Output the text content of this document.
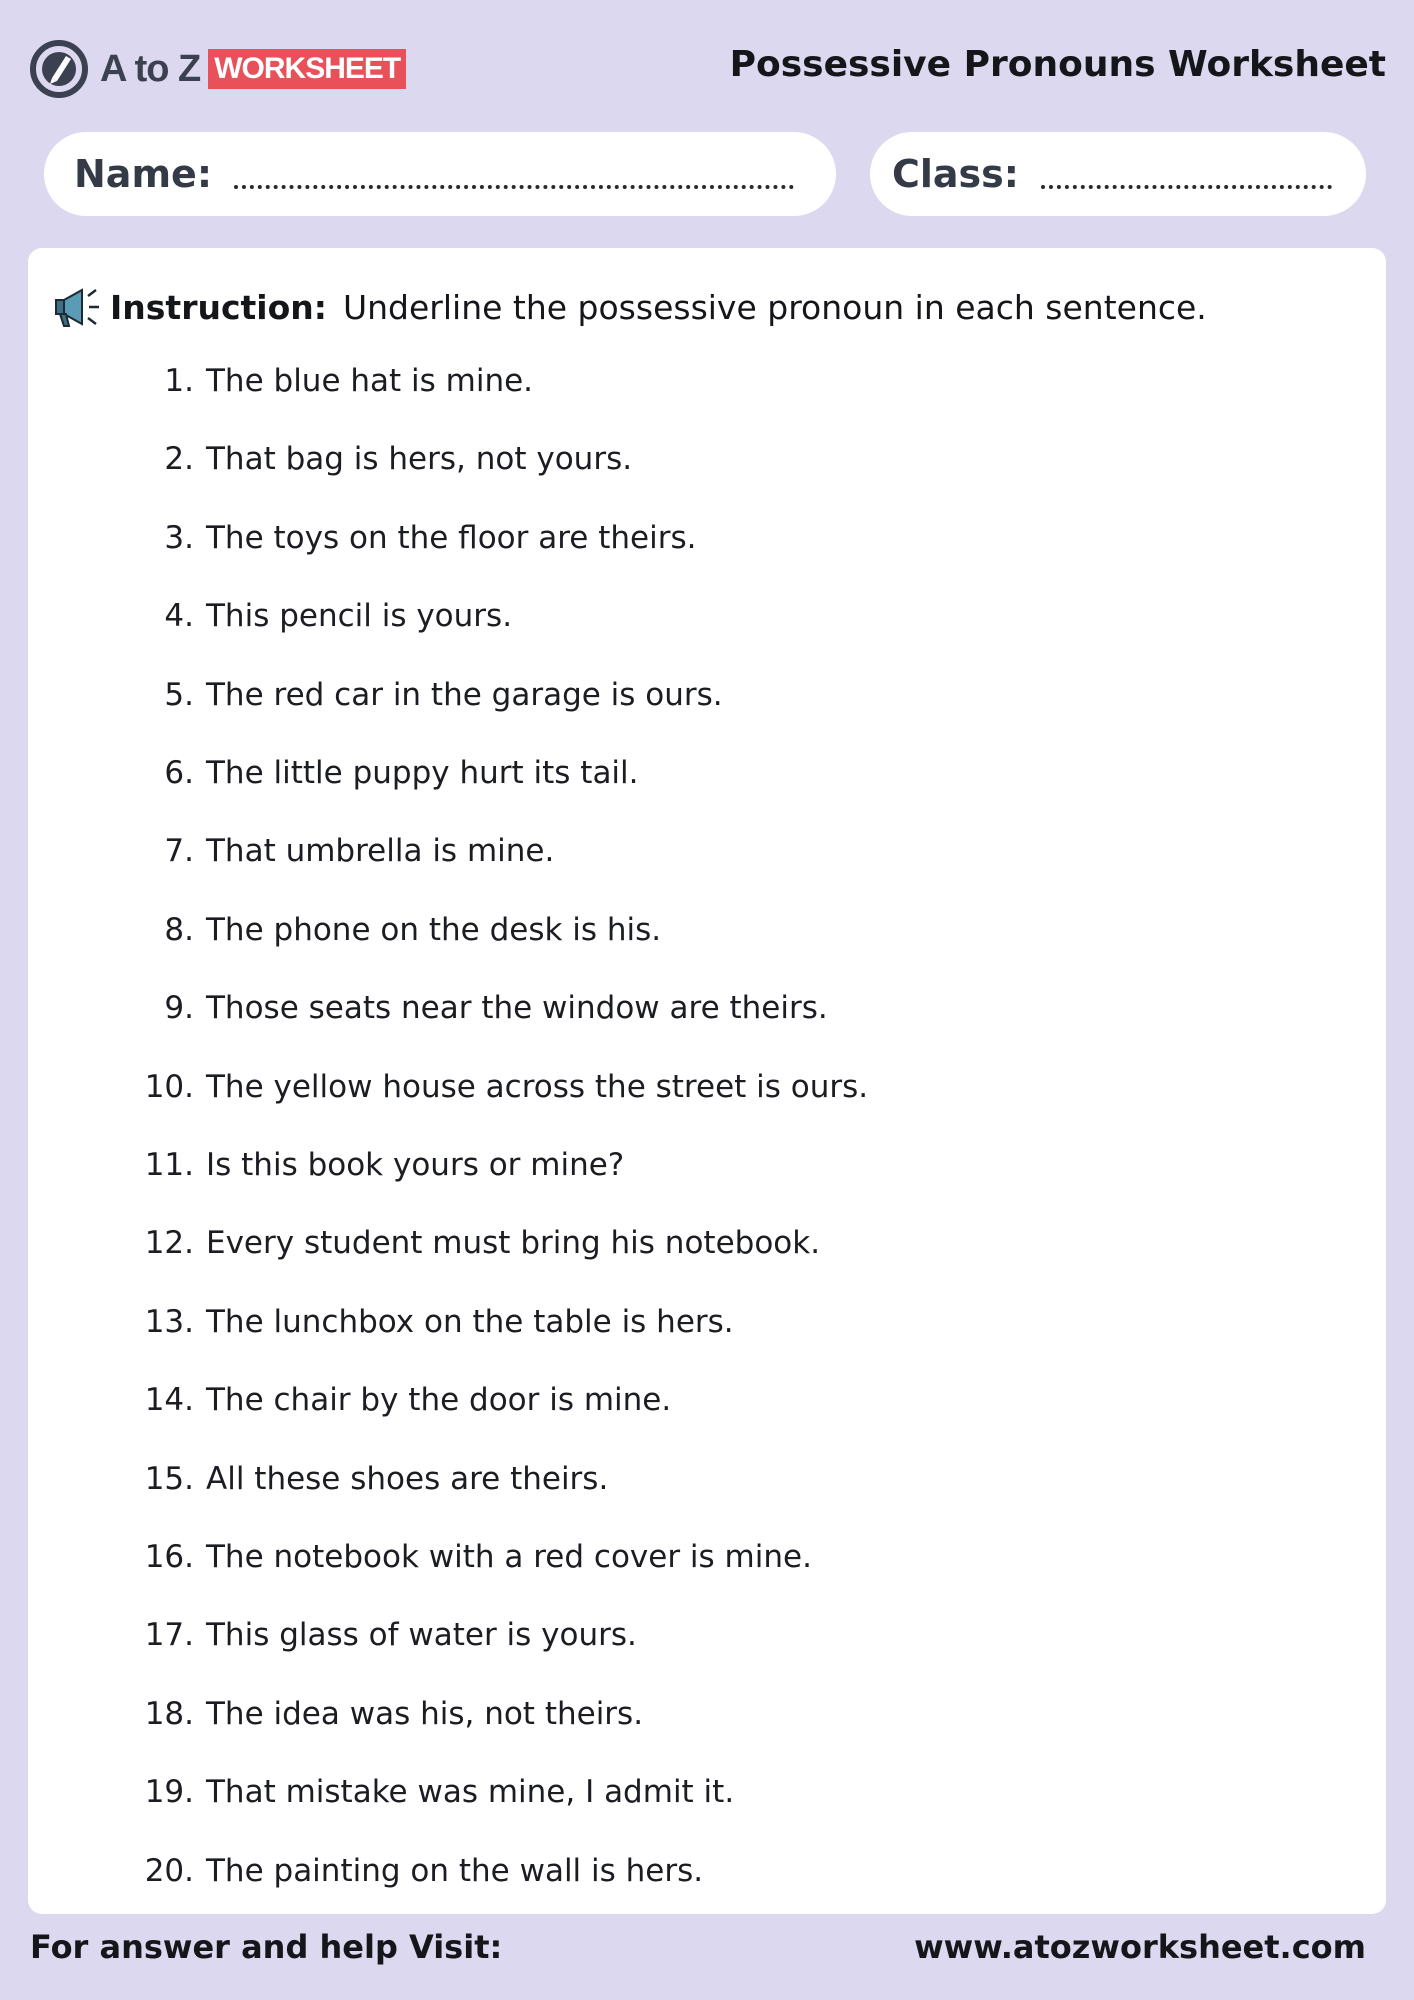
A to Z WORKSHEET	Possessive Pronouns Worksheet
Name:	Class:
Instruction: Underline the possessive pronoun in each sentence.
1. The blue hat is mine.
2. That bag is hers, not yours.
3. The toys on the floor are theirs.
4. This pencil is yours.
5. The red car in the garage is ours.
6. The little puppy hurt its tail.
7. That umbrella is mine.
8. The phone on the desk is his.
9. Those seats near the window are theirs.
10. The yellow house across the street is ours.
11. Is this book yours or mine?
12. Every student must bring his notebook.
13. The lunchbox on the table is hers.
14. The chair by the door is mine.
15. All these shoes are theirs.
16. The notebook with a red cover is mine.
17. This glass of water is yours.
18. The idea was his, not theirs.
19. That mistake was mine, I admit it.
20. The painting on the wall is hers.
For answer and help Visit:	www.atozworksheet.com
